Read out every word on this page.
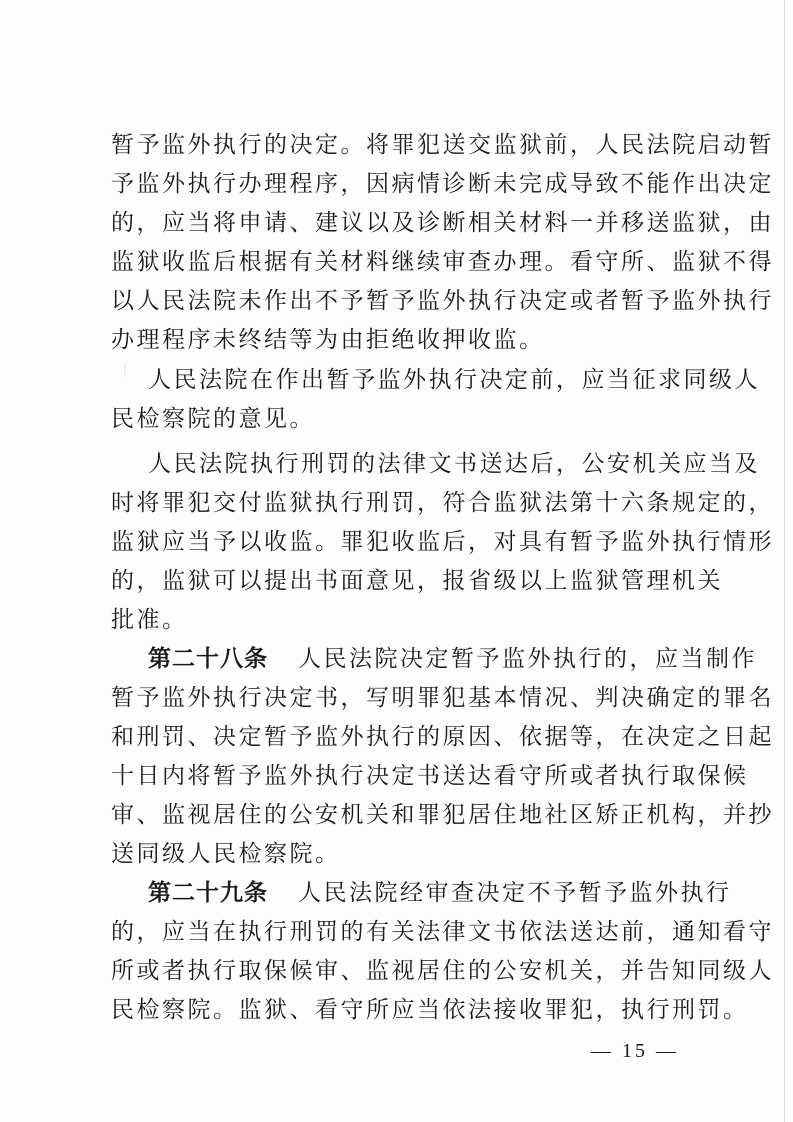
｜
暂予监外执行的决定。将罪犯送交监狱前，人民法院启动暂
予监外执行办理程序，因病情诊断未完成导致不能作出决定
的，应当将申请、建议以及诊断相关材料一并移送监狱，由
监狱收监后根据有关材料继续审查办理。看守所、监狱不得
以人民法院未作出不予暂予监外执行决定或者暂予监外执行
办理程序未终结等为由拒绝收押收监。
人民法院在作出暂予监外执行决定前，应当征求同级人
民检察院的意见。
人民法院执行刑罚的法律文书送达后，公安机关应当及
时将罪犯交付监狱执行刑罚，符合监狱法第十六条规定的，
监狱应当予以收监。罪犯收监后，对具有暂予监外执行情形
的，监狱可以提出书面意见，报省级以上监狱管理机关
批准。
第二十八条 人民法院决定暂予监外执行的，应当制作
暂予监外执行决定书，写明罪犯基本情况、判决确定的罪名
和刑罚、决定暂予监外执行的原因、依据等，在决定之日起
十日内将暂予监外执行决定书送达看守所或者执行取保候
审、监视居住的公安机关和罪犯居住地社区矫正机构，并抄
送同级人民检察院。
第二十九条 人民法院经审查决定不予暂予监外执行
的，应当在执行刑罚的有关法律文书依法送达前，通知看守
— 15 —
所或者执行取保候审、监视居住的公安机关，并告知同级人
民检察院。监狱、看守所应当依法接收罪犯，执行刑罚。
